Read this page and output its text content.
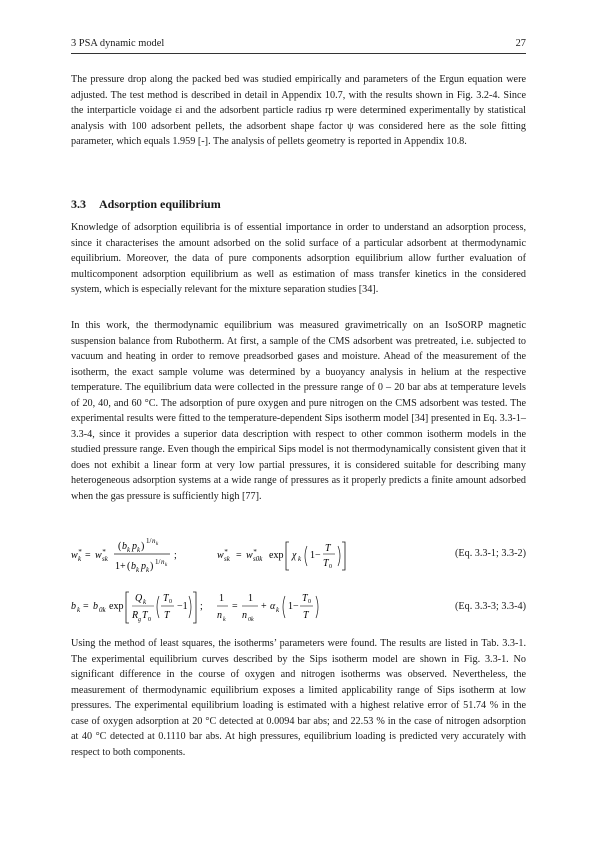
3 PSA dynamic model	27

The pressure drop along the packed bed was studied empirically and parameters of the Ergun equation were adjusted. The test method is described in detail in Appendix 10.7, with the results shown in Fig. 3.2-4. Since the interparticle voidage εi and the adsorbent particle radius rp were determined experimentally by statistical analysis with 100 adsorbent pellets, the adsorbent shape factor ψ was considered here as the sole fitting parameter, which equals 1.959 [-]. The analysis of pellets geometry is reported in Appendix 10.8.

3.3 Adsorption equilibrium

Knowledge of adsorption equilibria is of essential importance in order to understand an adsorption process, since it characterises the amount adsorbed on the solid surface of a particular adsorbent at thermodynamic equilibrium. Moreover, the data of pure components adsorption equilibrium allow further evaluation of multicomponent adsorption equilibrium as well as estimation of mass transfer kinetics in the considered system, which is especially relevant for the mixture separation studies [34].

In this work, the thermodynamic equilibrium was measured gravimetrically on an IsoSORP magnetic suspension balance from Rubotherm. At first, a sample of the CMS adsorbent was pretreated, i.e. subjected to vacuum and heating in order to remove preadsorbed gases and moisture. Ahead of the measurement of the isotherm, the exact sample volume was determined by a buoyancy analysis in helium at the respective temperature. The equilibrium data were collected in the pressure range of 0 – 20 bar abs at temperature levels of 20, 40, and 60 °C. The adsorption of pure oxygen and pure nitrogen on the CMS adsorbent was tested. The experimental results were fitted to the temperature-dependent Sips isotherm model [34] presented in Eq. 3.3-1–3.3-4, since it provides a superior data description with respect to other common isotherm models in the studied pressure range. Even though the empirical Sips model is not thermodynamically consistent given that it does not exhibit a linear form at very low partial pressures, it is considered suitable for describing many heterogeneous adsorption systems at a wide range of pressures as it properly predicts a finite amount adsorbed when the gas pressure is sufficiently high [77].

w *
k = w *
sk
( b k p k ) 1/ n k
1+ ( b k p k ) 1/ n k
;	w *
sk = w *
s0k exp χ k 1−
T
T 0
(Eq. 3.3-1; 3.3-2)
b k = b 0k exp
Q k
R g T 0
T 0
T
−1 ;
1
n k
=
1
n 0k
+ α k 1−
T 0
T
(Eq. 3.3-3; 3.3-4)

Using the method of least squares, the isotherms’ parameters were found. The results are listed in Tab. 3.3-1. The experimental equilibrium curves described by the Sips isotherm model are shown in Fig. 3.3-1. No significant difference in the course of oxygen and nitrogen isotherms was observed. Nevertheless, the measurement of thermodynamic equilibrium exposes a limited applicability range of Sips isotherm at low pressures. The experimental equilibrium loading is estimated with a highest relative error of 51.74 % in the case of oxygen adsorption at 20 °C detected at 0.0094 bar abs; and 22.53 % in the case of nitrogen adsorption at 40 °C detected at 0.1110 bar abs. At high pressures, equilibrium loading is predicted very accurately with respect to both components.
